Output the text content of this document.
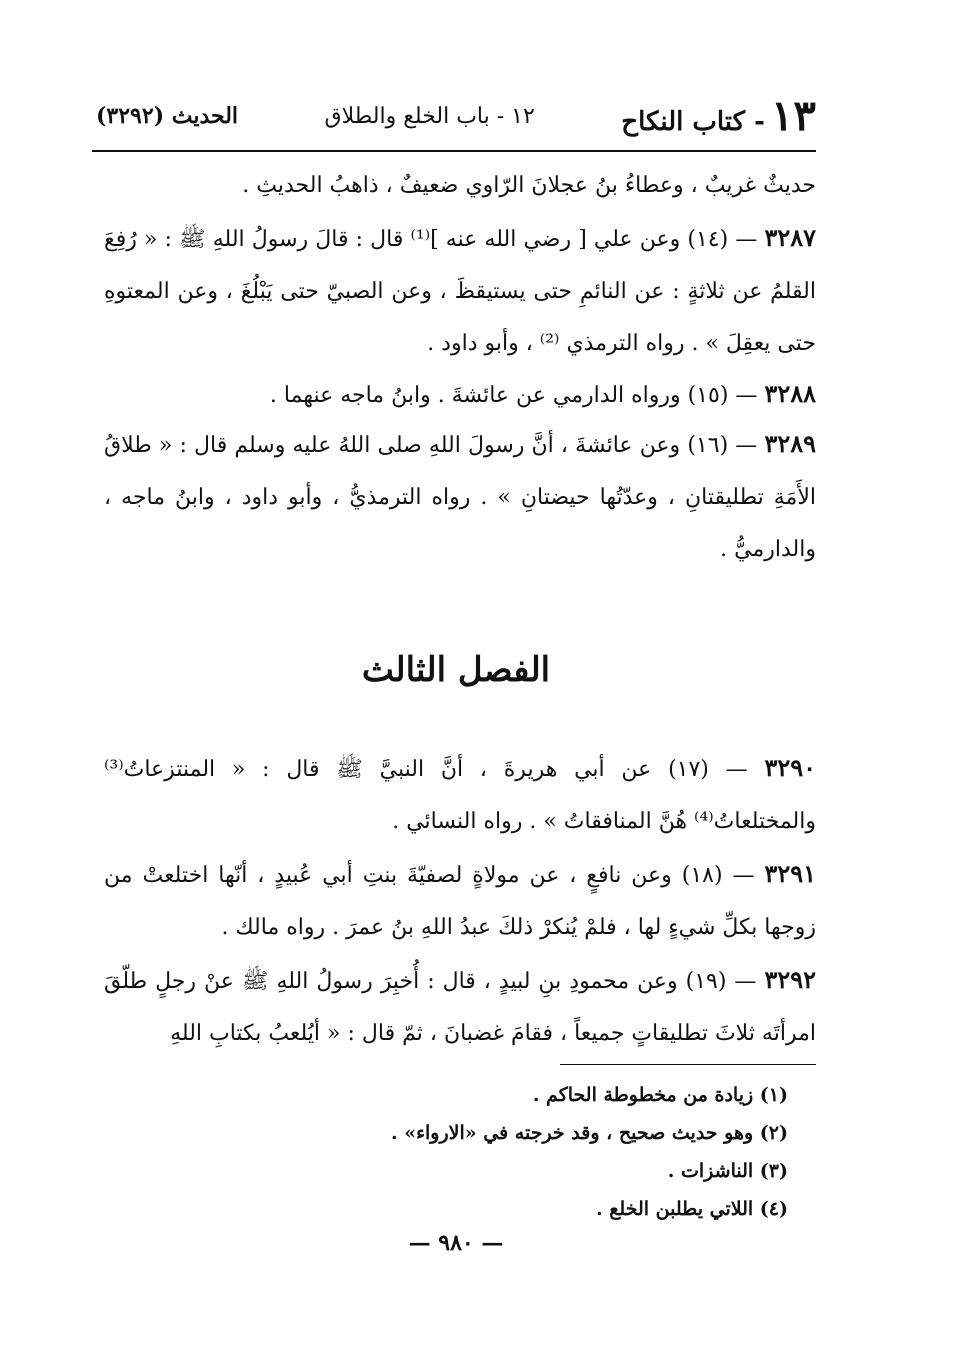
١٣
- كتاب النكاح
١٢ - باب الخلع والطلاق
الحديث (٣٢٩٢)

حديثٌ غريبٌ ، وعطاءُ بنُ عجلانَ الرّاوي ضعيفٌ ، ذاهبُ الحديثِ .

٣٢٨٧ — (١٤) وعن علي [ رضي الله عنه ]⁽¹⁾ قال : قالَ رسولُ اللهِ ﷺ : « رُفِعَ القلمُ عن ثلاثةٍ : عن النائمِ حتى يستيقظَ ، وعن الصبيّ حتى يَبْلُغَ ، وعن المعتوهِ حتى يعقِلَ » . رواه الترمذي ⁽²⁾ ، وأبو داود .

٣٢٨٨ — (١٥) ورواه الدارمي عن عائشةَ . وابنُ ماجه عنهما .

٣٢٨٩ — (١٦) وعن عائشةَ ، أنَّ رسولَ اللهِ صلى اللهُ عليه وسلم قال : « طلاقُ الأَمَةِ تطليقتانِ ، وعدّتُها حيضتانِ » . رواه الترمذيُّ ، وأبو داود ، وابنُ ماجه ، والدارميُّ .

الفصل الثالث

٣٢٩٠ — (١٧) عن أبي هريرةَ ، أنَّ النبيَّ ﷺ قال : « المنتزعاتُ⁽³⁾ والمختلعاتُ⁽⁴⁾ هُنَّ المنافقاتُ » . رواه النسائي .

٣٢٩١ — (١٨) وعن نافعٍ ، عن مولاةٍ لصفيّةَ بنتِ أبي عُبيدٍ ، أنّها اختلعتْ من زوجها بكلِّ شيءٍ لها ، فلمْ يُنكرْ ذلكَ عبدُ اللهِ بنُ عمرَ . رواه مالك .

٣٢٩٢ — (١٩) وعن محمودِ بنِ لبيدٍ ، قال : أُخبِرَ رسولُ اللهِ ﷺ عنْ رجلٍ طلّقَ امرأتَه ثلاثَ تطليقاتٍ جميعاً ، فقامَ غضبانَ ، ثمّ قال : « أيُلعبُ بكتابِ اللهِ

(١) زيادة من مخطوطة الحاكم .
(٢) وهو حديث صحيح ، وقد خرجته في «الارواء» .
(٣) الناشزات .
(٤) اللاتي يطلبن الخلع .
— ٩٨٠ —
